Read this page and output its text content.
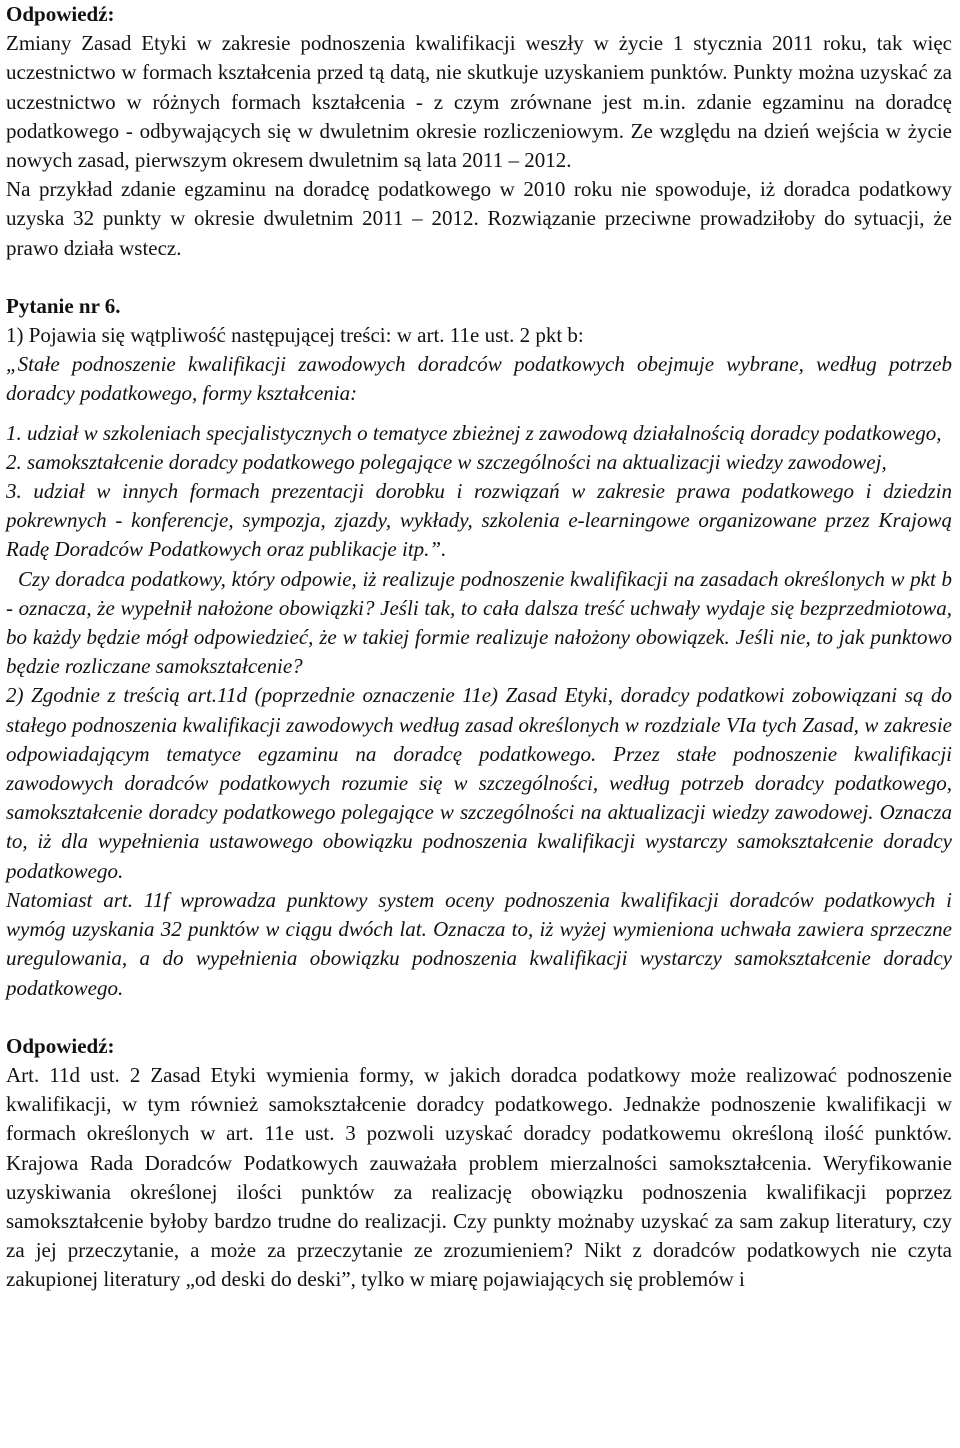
Odpowiedź:

Zmiany Zasad Etyki w zakresie podnoszenia kwalifikacji weszły w życie 1 stycznia 2011 roku, tak więc uczestnictwo w formach kształcenia przed tą datą, nie skutkuje uzyskaniem punktów. Punkty można uzyskać za uczestnictwo w różnych formach kształcenia - z czym zrównane jest m.in. zdanie egzaminu na doradcę podatkowego - odbywających się w dwuletnim okresie rozliczeniowym. Ze względu na dzień wejścia w życie nowych zasad, pierwszym okresem dwuletnim są lata 2011 – 2012.

Na przykład zdanie egzaminu na doradcę podatkowego w 2010 roku nie spowoduje, iż doradca podatkowy uzyska 32 punkty w okresie dwuletnim 2011 – 2012. Rozwiązanie przeciwne prowadziłoby do sytuacji, że prawo działa wstecz.

Pytanie nr 6.

1) Pojawia się wątpliwość następującej treści: w art. 11e ust. 2 pkt b:

„Stałe podnoszenie kwalifikacji zawodowych doradców podatkowych obejmuje wybrane, według potrzeb doradcy podatkowego, formy kształcenia:

1. udział w szkoleniach specjalistycznych o tematyce zbieżnej z zawodową działalnością doradcy podatkowego,

2. samokształcenie doradcy podatkowego polegające w szczególności na aktualizacji wiedzy zawodowej,

3. udział w innych formach prezentacji dorobku i rozwiązań w zakresie prawa podatkowego i dziedzin pokrewnych - konferencje, sympozja, zjazdy, wykłady, szkolenia e-learningowe organizowane przez Krajową Radę Doradców Podatkowych oraz publikacje itp.”.

Czy doradca podatkowy, który odpowie, iż realizuje podnoszenie kwalifikacji na zasadach określonych w pkt b - oznacza, że wypełnił nałożone obowiązki? Jeśli tak, to cała dalsza treść uchwały wydaje się bezprzedmiotowa, bo każdy będzie mógł odpowiedzieć, że w takiej formie realizuje nałożony obowiązek. Jeśli nie, to jak punktowo będzie rozliczane samokształcenie?

2) Zgodnie z treścią art.11d (poprzednie oznaczenie 11e) Zasad Etyki, doradcy podatkowi zobowiązani są do stałego podnoszenia kwalifikacji zawodowych według zasad określonych w rozdziale VIa tych Zasad, w zakresie odpowiadającym tematyce egzaminu na doradcę podatkowego. Przez stałe podnoszenie kwalifikacji zawodowych doradców podatkowych rozumie się w szczególności, według potrzeb doradcy podatkowego, samokształcenie doradcy podatkowego polegające w szczególności na aktualizacji wiedzy zawodowej. Oznacza to, iż dla wypełnienia ustawowego obowiązku podnoszenia kwalifikacji wystarczy samokształcenie doradcy podatkowego.

Natomiast art. 11f wprowadza punktowy system oceny podnoszenia kwalifikacji doradców podatkowych i wymóg uzyskania 32 punktów w ciągu dwóch lat. Oznacza to, iż wyżej wymieniona uchwała zawiera sprzeczne uregulowania, a do wypełnienia obowiązku podnoszenia kwalifikacji wystarczy samokształcenie doradcy podatkowego.

Odpowiedź:

Art. 11d ust. 2 Zasad Etyki wymienia formy, w jakich doradca podatkowy może realizować podnoszenie kwalifikacji, w tym również samokształcenie doradcy podatkowego. Jednakże podnoszenie kwalifikacji w formach określonych w art. 11e ust. 3 pozwoli uzyskać doradcy podatkowemu określoną ilość punktów. Krajowa Rada Doradców Podatkowych zauważała problem mierzalności samokształcenia. Weryfikowanie uzyskiwania określonej ilości punktów za realizację obowiązku podnoszenia kwalifikacji poprzez samokształcenie byłoby bardzo trudne do realizacji. Czy punkty możnaby uzyskać za sam zakup literatury, czy za jej przeczytanie, a może za przeczytanie ze zrozumieniem? Nikt z doradców podatkowych nie czyta zakupionej literatury „od deski do deski”, tylko w miarę pojawiających się problemów i
